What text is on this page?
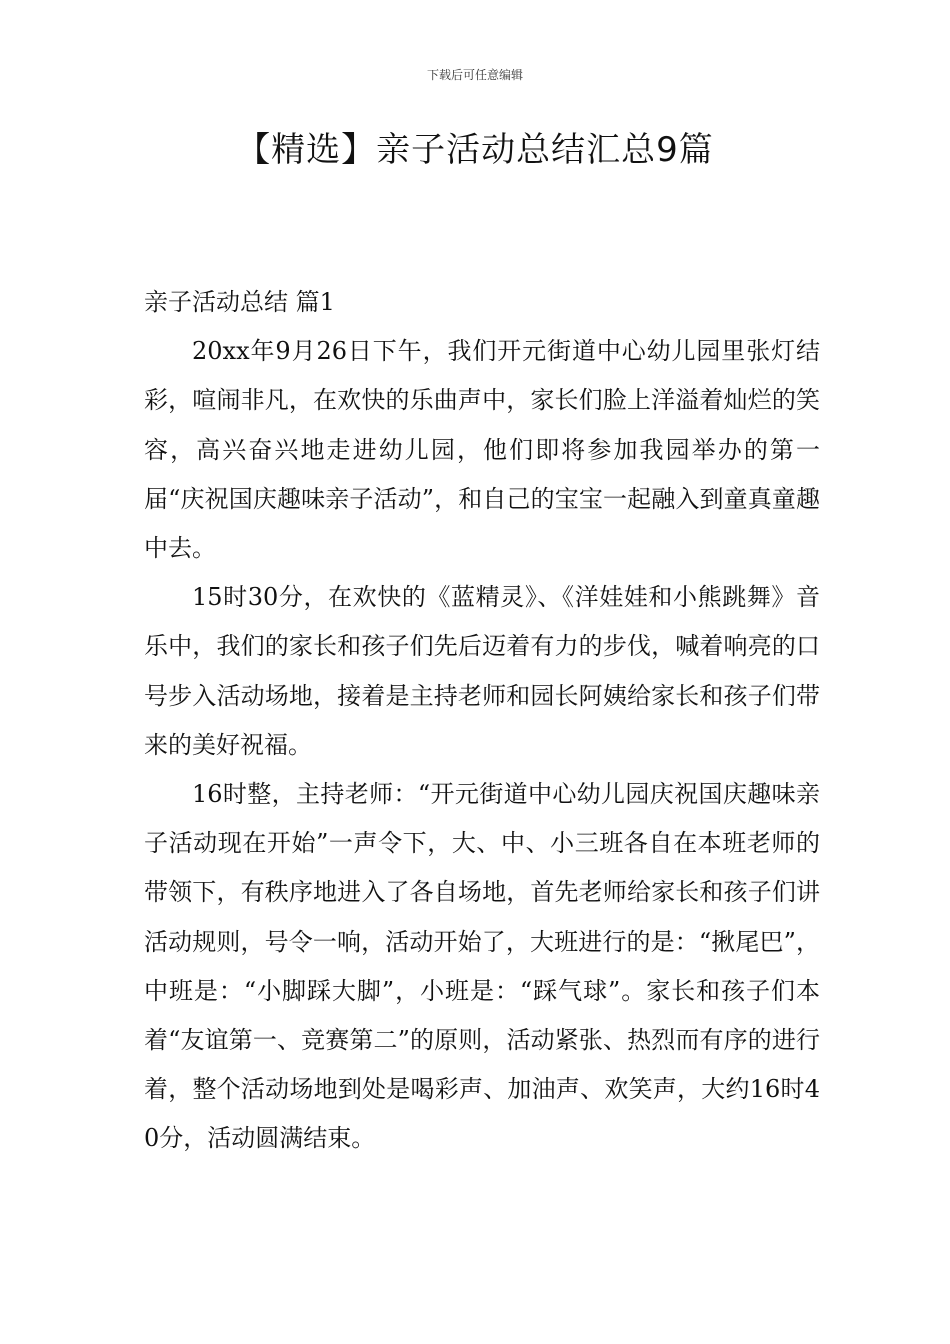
下载后可任意编辑
【精选】亲子活动总结汇总9篇
亲子活动总结 篇1

20xx年9月26日下午，我们开元街道中心幼儿园里张灯结彩，喧闹非凡，在欢快的乐曲声中，家长们脸上洋溢着灿烂的笑容，高兴奋兴地走进幼儿园，他们即将参加我园举办的第一届“庆祝国庆趣味亲子活动”，和自己的宝宝一起融入到童真童趣中去。

15时30分，在欢快的《蓝精灵》、《洋娃娃和小熊跳舞》音乐中，我们的家长和孩子们先后迈着有力的步伐，喊着响亮的口号步入活动场地，接着是主持老师和园长阿姨给家长和孩子们带来的美好祝福。

16时整，主持老师：“开元街道中心幼儿园庆祝国庆趣味亲子活动现在开始”一声令下，大、中、小三班各自在本班老师的带领下，有秩序地进入了各自场地，首先老师给家长和孩子们讲活动规则，号令一响，活动开始了，大班进行的是：“揪尾巴”，中班是：“小脚踩大脚”，小班是：“踩气球”。家长和孩子们本着“友谊第一、竞赛第二”的原则，活动紧张、热烈而有序的进行着，整个活动场地到处是喝彩声、加油声、欢笑声，大约16时40分，活动圆满结束。
